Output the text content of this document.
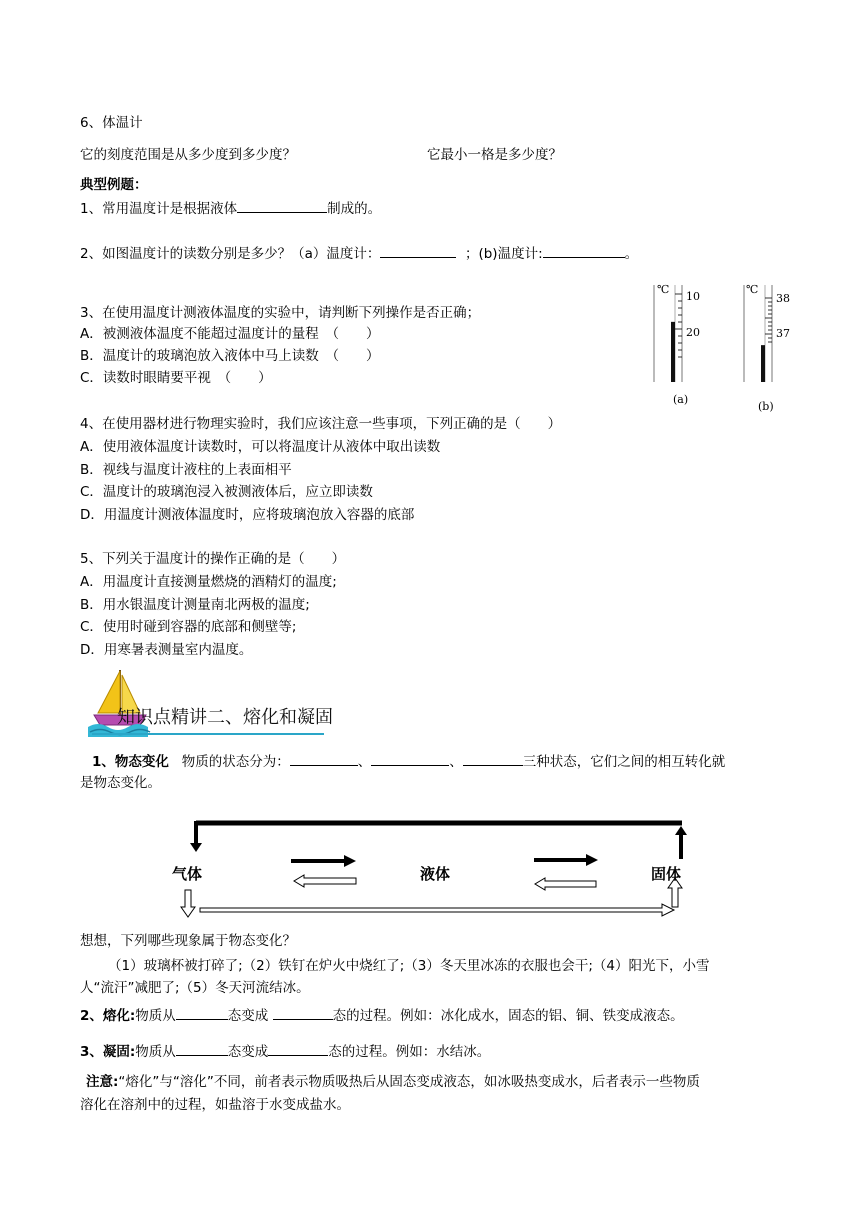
6、体温计
它的刻度范围是从多少度到多少度？	它最小一格是多少度？
典型例题：
1、常用温度计是根据液体	制成的。
2、如图温度计的读数分别是多少？（a）温度计：	；(b)温度计:	。
3、在使用温度计测液体温度的实验中，请判断下列操作是否正确；
A．被测液体温度不能超过温度计的量程　（　　）
B．温度计的玻璃泡放入液体中马上读数　（　　）
C．读数时眼睛要平视　（　　）
℃
10
20
(a)
℃
38
37
(b)
4、在使用器材进行物理实验时，我们应该注意一些事项，下列正确的是（　　）
A．使用液体温度计读数时，可以将温度计从液体中取出读数
B．视线与温度计液柱的上表面相平
C．温度计的玻璃泡浸入被测液体后，应立即读数
D．用温度计测液体温度时，应将玻璃泡放入容器的底部
5、下列关于温度计的操作正确的是（　　）
A．用温度计直接测量燃烧的酒精灯的温度;
B．用水银温度计测量南北两极的温度;
C．使用时碰到容器的底部和侧壁等;
D．用寒暑表测量室内温度。
知识点精讲二、熔化和凝固
1、物态变化 物质的状态分为：	、	、	三种状态，它们之间的相互转化就
是物态变化。
气体	液体	固体
想想，下列哪些现象属于物态变化？
（1）玻璃杯被打碎了;（2）铁钉在炉火中烧红了;（3）冬天里冰冻的衣服也会干;（4）阳光下，小雪
人“流汗”减肥了;（5）冬天河流结冰。
2、熔化:物质从	态变成	态的过程。例如：冰化成水，固态的铝、铜、铁变成液态。
3、凝固:物质从	态变成	态的过程。例如：水结冰。
注意:“熔化”与“溶化”不同，前者表示物质吸热后从固态变成液态，如冰吸热变成水，后者表示一些物质
溶化在溶剂中的过程，如盐溶于水变成盐水。
